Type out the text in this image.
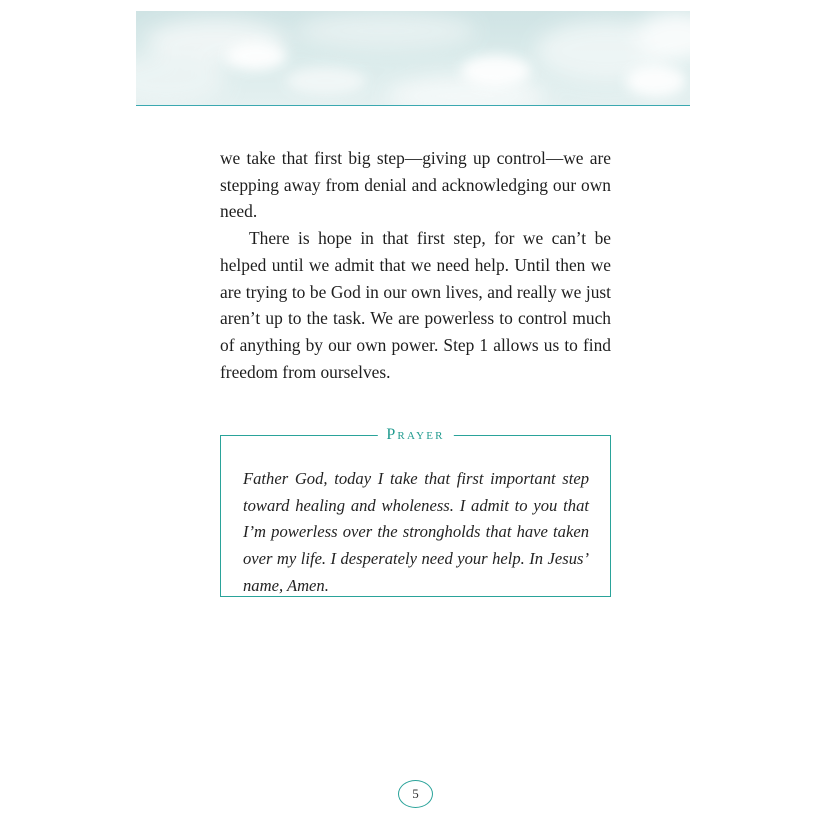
we take that first big step—giving up control—we are stepping away from denial and acknowledging our own need.

There is hope in that first step, for we can’t be helped until we admit that we need help. Until then we are trying to be God in our own lives, and really we just aren’t up to the task. We are powerless to control much of anything by our own power. Step 1 allows us to find freedom from ourselves.

Prayer

Father God, today I take that first important step toward healing and wholeness. I admit to you that I’m powerless over the strongholds that have taken over my life. I desperately need your help. In Jesus’ name, Amen.

5
